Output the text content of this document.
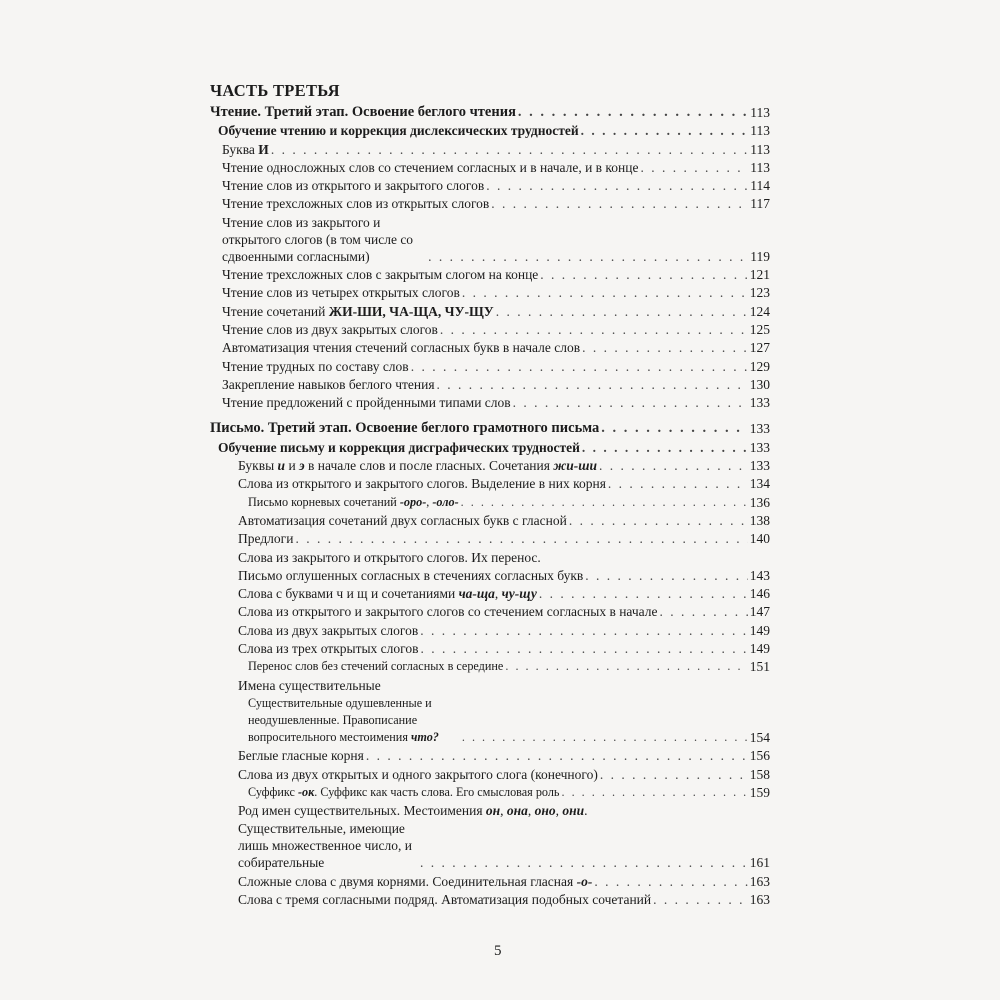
ЧАСТЬ ТРЕТЬЯ
Чтение. Третий этап. Освоение беглого чтения . . .	113
Обучение чтению и коррекция дислексических трудностей . . .	113
Буква И . . .	113
Чтение односложных слов со стечением согласных и в начале, и в конце . . .	113
Чтение слов из открытого и закрытого слогов . . .	114
Чтение трехсложных слов из открытых слогов . . .	117
Чтение слов из закрытого и открытого слогов (в том числе со сдвоенными согласными) . . .	119
Чтение трехсложных слов с закрытым слогом на конце . . .	121
Чтение слов из четырех открытых слогов . . .	123
Чтение сочетаний ЖИ-ШИ, ЧА-ЩА, ЧУ-ЩУ . . .	124
Чтение слов из двух закрытых слогов . . .	125
Автоматизация чтения стечений согласных букв в начале слов . . .	127
Чтение трудных по составу слов . . .	129
Закрепление навыков беглого чтения . . .	130
Чтение предложений с пройденными типами слов . . .	133
Письмо. Третий этап. Освоение беглого грамотного письма . . .	133
Обучение письму и коррекция дисграфических трудностей . . .	133
Буквы и и э в начале слов и после гласных. Сочетания жи-ши . . .	133
Слова из открытого и закрытого слогов. Выделение в них корня . . .	134
Письмо корневых сочетаний -оро-, -оло- . . .	136
Автоматизация сочетаний двух согласных букв с гласной . . .	138
Предлоги . . .	140
Слова из закрытого и открытого слогов. Их перенос.
Письмо оглушенных согласных в стечениях согласных букв . . .	143
Слова с буквами ч и щ и сочетаниями ча-ща, чу-щу . . .	146
Слова из открытого и закрытого слогов со стечением согласных в начале . . .	147
Слова из двух закрытых слогов . . .	149
Слова из трех открытых слогов . . .	149
Перенос слов без стечений согласных в середине . . .	151
Имена существительные
Существительные одушевленные и неодушевленные. Правописание вопросительного местоимения что? . . .	154
Беглые гласные корня . . .	156
Слова из двух открытых и одного закрытого слога (конечного) . . .	158
Суффикс -ок. Суффикс как часть слова. Его смысловая роль . . .	159
Род имен существительных. Местоимения он, она, оно, они.
Существительные, имеющие лишь множественное число, и собирательные . . .	161
Сложные слова с двумя корнями. Соединительная гласная -о- . . .	163
Слова с тремя согласными подряд. Автоматизация подобных сочетаний . . .	163
5
